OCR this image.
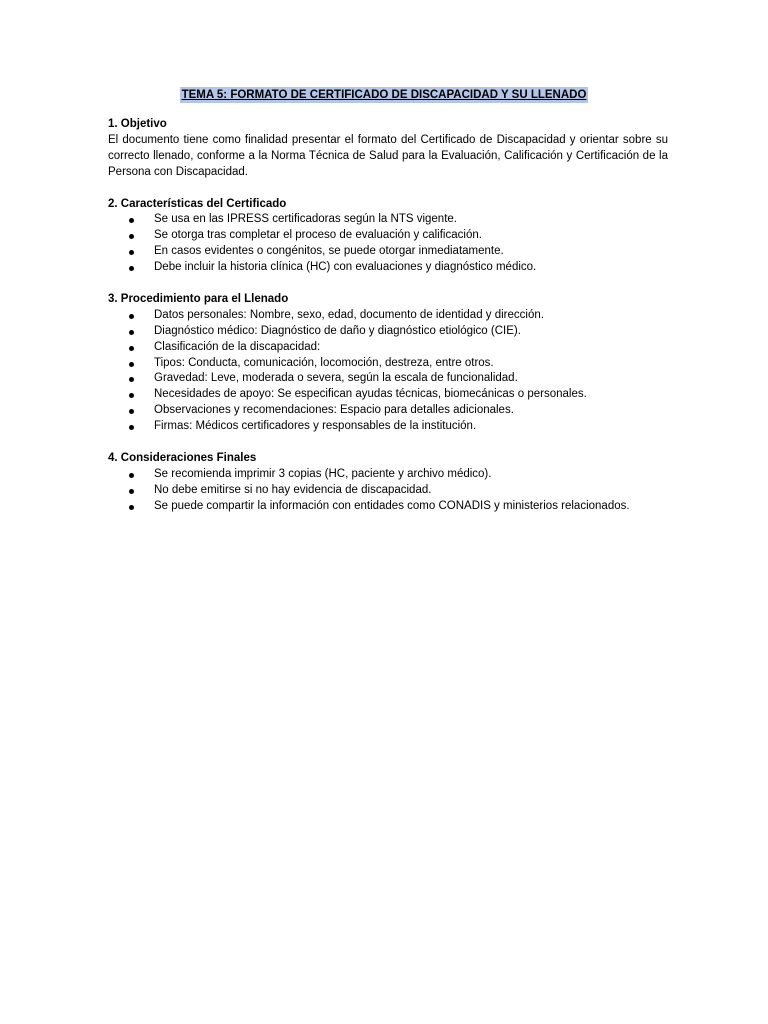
TEMA 5: FORMATO DE CERTIFICADO DE DISCAPACIDAD Y SU LLENADO

1. Objetivo

El documento tiene como finalidad presentar el formato del Certificado de Discapacidad y orientar sobre su correcto llenado, conforme a la Norma Técnica de Salud para la Evaluación, Calificación y Certificación de la Persona con Discapacidad.

2. Características del Certificado

Se usa en las IPRESS certificadoras según la NTS vigente.
Se otorga tras completar el proceso de evaluación y calificación.
En casos evidentes o congénitos, se puede otorgar inmediatamente.
Debe incluir la historia clínica (HC) con evaluaciones y diagnóstico médico.

3. Procedimiento para el Llenado

Datos personales: Nombre, sexo, edad, documento de identidad y dirección.
Diagnóstico médico: Diagnóstico de daño y diagnóstico etiológico (CIE).
Clasificación de la discapacidad:
Tipos: Conducta, comunicación, locomoción, destreza, entre otros.
Gravedad: Leve, moderada o severa, según la escala de funcionalidad.
Necesidades de apoyo: Se especifican ayudas técnicas, biomecánicas o personales.
Observaciones y recomendaciones: Espacio para detalles adicionales.
Firmas: Médicos certificadores y responsables de la institución.

4. Consideraciones Finales

Se recomienda imprimir 3 copias (HC, paciente y archivo médico).
No debe emitirse si no hay evidencia de discapacidad.
Se puede compartir la información con entidades como CONADIS y ministerios relacionados.
